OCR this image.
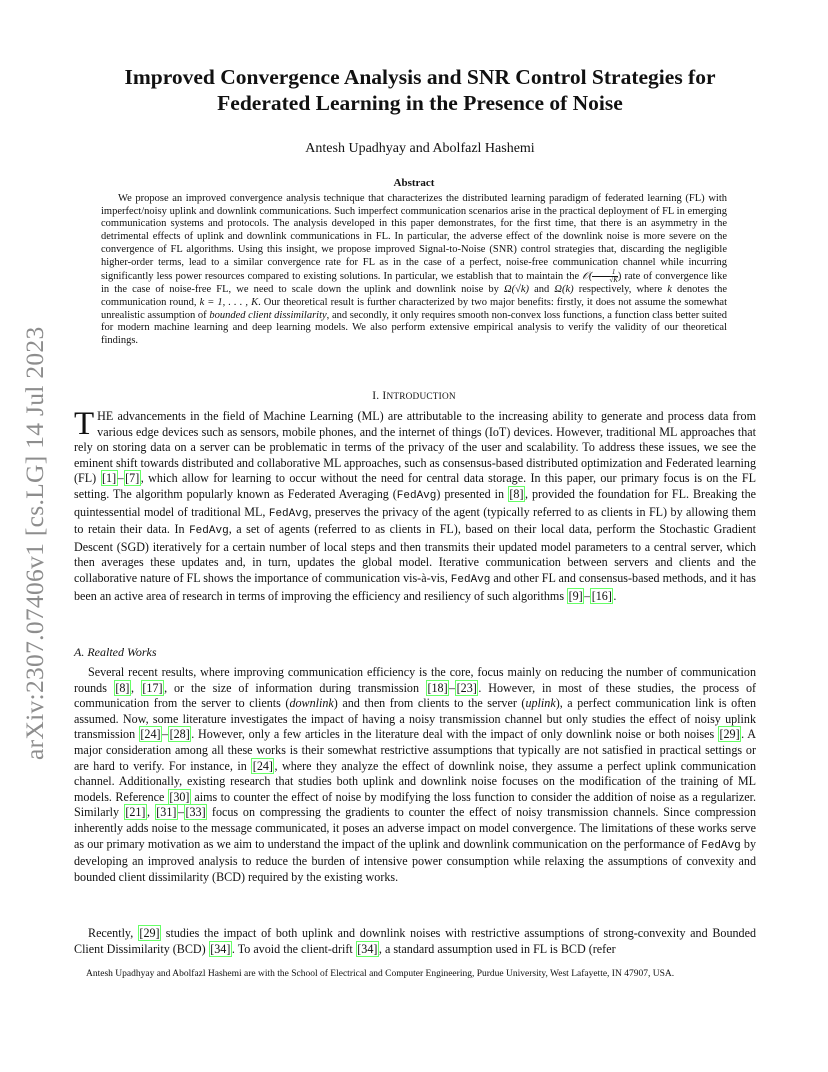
arXiv:2307.07406v1 [cs.LG] 14 Jul 2023
Improved Convergence Analysis and SNR Control Strategies for
Federated Learning in the Presence of Noise
Antesh Upadhyay and Abolfazl Hashemi
Abstract

We propose an improved convergence analysis technique that characterizes the distributed learning paradigm of federated learning (FL) with imperfect/noisy uplink and downlink communications. Such imperfect communication scenarios arise in the practical deployment of FL in emerging communication systems and protocols. The analysis developed in this paper demonstrates, for the first time, that there is an asymmetry in the detrimental effects of uplink and downlink communications in FL. In particular, the adverse effect of the downlink noise is more severe on the convergence of FL algorithms. Using this insight, we propose improved Signal-to-Noise (SNR) control strategies that, discarding the negligible higher-order terms, lead to a similar convergence rate for FL as in the case of a perfect, noise-free communication channel while incurring significantly less power resources compared to existing solutions. In particular, we establish that to maintain the 𝒪( $\frac{1}{√K}$ ) rate of convergence like in the case of noise-free FL, we need to scale down the uplink and downlink noise by Ω(√k) and Ω(k) respectively, where k denotes the communication round, k = 1, . . . , K. Our theoretical result is further characterized by two major benefits: firstly, it does not assume the somewhat unrealistic assumption of bounded client dissimilarity, and secondly, it only requires smooth non-convex loss functions, a function class better suited for modern machine learning and deep learning models. We also perform extensive empirical analysis to verify the validity of our theoretical findings.

I. INTRODUCTION

THE advancements in the field of Machine Learning (ML) are attributable to the increasing ability to generate and process data from various edge devices such as sensors, mobile phones, and the internet of things (IoT) devices. However, traditional ML approaches that rely on storing data on a server can be problematic in terms of the privacy of the user and scalability. To address these issues, we see the eminent shift towards distributed and collaborative ML approaches, such as consensus-based distributed optimization and Federated learning (FL) [1] – [7] , which allow for learning to occur without the need for central data storage. In this paper, our primary focus is on the FL setting. The algorithm popularly known as Federated Averaging (FedAvg) presented in [8] , provided the foundation for FL. Breaking the quintessential model of traditional ML, FedAvg, preserves the privacy of the agent (typically referred to as clients in FL) by allowing them to retain their data. In FedAvg, a set of agents (referred to as clients in FL), based on their local data, perform the Stochastic Gradient Descent (SGD) iteratively for a certain number of local steps and then transmits their updated model parameters to a central server, which then averages these updates and, in turn, updates the global model. Iterative communication between servers and clients and the collaborative nature of FL shows the importance of communication vis-à-vis, FedAvg and other FL and consensus-based methods, and it has been an active area of research in terms of improving the efficiency and resiliency of such algorithms [9] – [16] .

A. Realted Works

Several recent results, where improving communication efficiency is the core, focus mainly on reducing the number of communication rounds [8] , [17] , or the size of information during transmission [18] – [23] . However, in most of these studies, the process of communication from the server to clients (downlink) and then from clients to the server (uplink), a perfect communication link is often assumed. Now, some literature investigates the impact of having a noisy transmission channel but only studies the effect of noisy uplink transmission [24] – [28] . However, only a few articles in the literature deal with the impact of only downlink noise or both noises [29] . A major consideration among all these works is their somewhat restrictive assumptions that typically are not satisfied in practical settings or are hard to verify. For instance, in [24] , where they analyze the effect of downlink noise, they assume a perfect uplink communication channel. Additionally, existing research that studies both uplink and downlink noise focuses on the modification of the training of ML models. Reference [30] aims to counter the effect of noise by modifying the loss function to consider the addition of noise as a regularizer. Similarly [21] , [31] – [33] focus on compressing the gradients to counter the effect of noisy transmission channels. Since compression inherently adds noise to the message communicated, it poses an adverse impact on model convergence. The limitations of these works serve as our primary motivation as we aim to understand the impact of the uplink and downlink communication on the performance of FedAvg by developing an improved analysis to reduce the burden of intensive power consumption while relaxing the assumptions of convexity and bounded client dissimilarity (BCD) required by the existing works.

Recently, [29] studies the impact of both uplink and downlink noises with restrictive assumptions of strong-convexity and Bounded Client Dissimilarity (BCD) [34] . To avoid the client-drift [34] , a standard assumption used in FL is BCD (refer

Antesh Upadhyay and Abolfazl Hashemi are with the School of Electrical and Computer Engineering, Purdue University, West Lafayette, IN 47907, USA.
